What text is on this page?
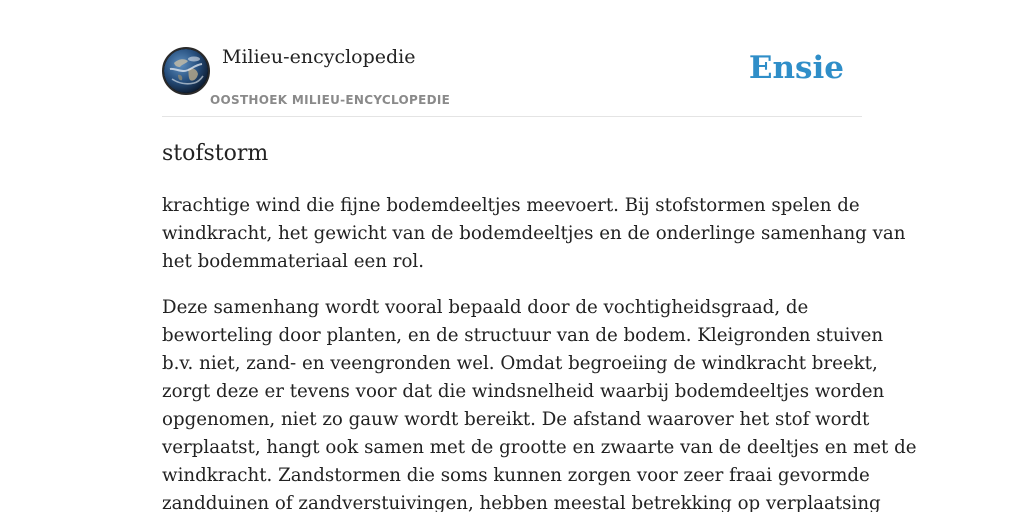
Milieu-encyclopedie
OOSTHOEK MILIEU-ENCYCLOPEDIE
Ensie
stofstorm

krachtige wind die fijne bodemdeeltjes meevoert. Bij stofstormen spelen de
windkracht, het gewicht van de bodemdeeltjes en de onderlinge samenhang van
het bodemmateriaal een rol.

Deze samenhang wordt vooral bepaald door de vochtigheidsgraad, de
beworteling door planten, en de structuur van de bodem. Kleigronden stuiven
b.v. niet, zand- en veengronden wel. Omdat begroeiing de windkracht breekt,
zorgt deze er tevens voor dat die windsnelheid waarbij bodemdeeltjes worden
opgenomen, niet zo gauw wordt bereikt. De afstand waarover het stof wordt
verplaatst, hangt ook samen met de grootte en zwaarte van de deeltjes en met de
windkracht. Zandstormen die soms kunnen zorgen voor zeer fraai gevormde
zandduinen of zandverstuivingen, hebben meestal betrekking op verplaatsing
